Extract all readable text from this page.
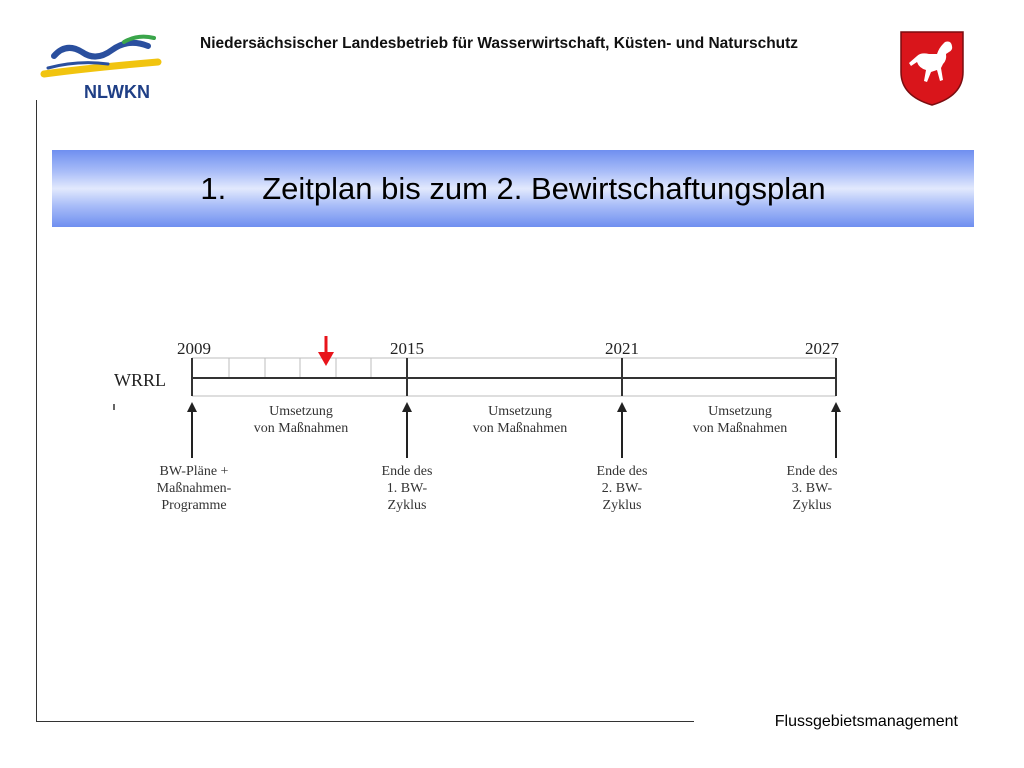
NLWKN
Niedersächsischer Landesbetrieb für Wasserwirtschaft, Küsten- und Naturschutz
1. Zeitplan bis zum 2. Bewirtschaftungsplan
WRRL
2009	2015	2021	2027
Umsetzung
von Maßnahmen
Umsetzung
von Maßnahmen
Umsetzung
von Maßnahmen
BW-Pläne +
Maßnahmen-
Programme
Ende des
1. BW-
Zyklus
Ende des
2. BW-
Zyklus
Ende des
3. BW-
Zyklus
Flussgebietsmanagement
